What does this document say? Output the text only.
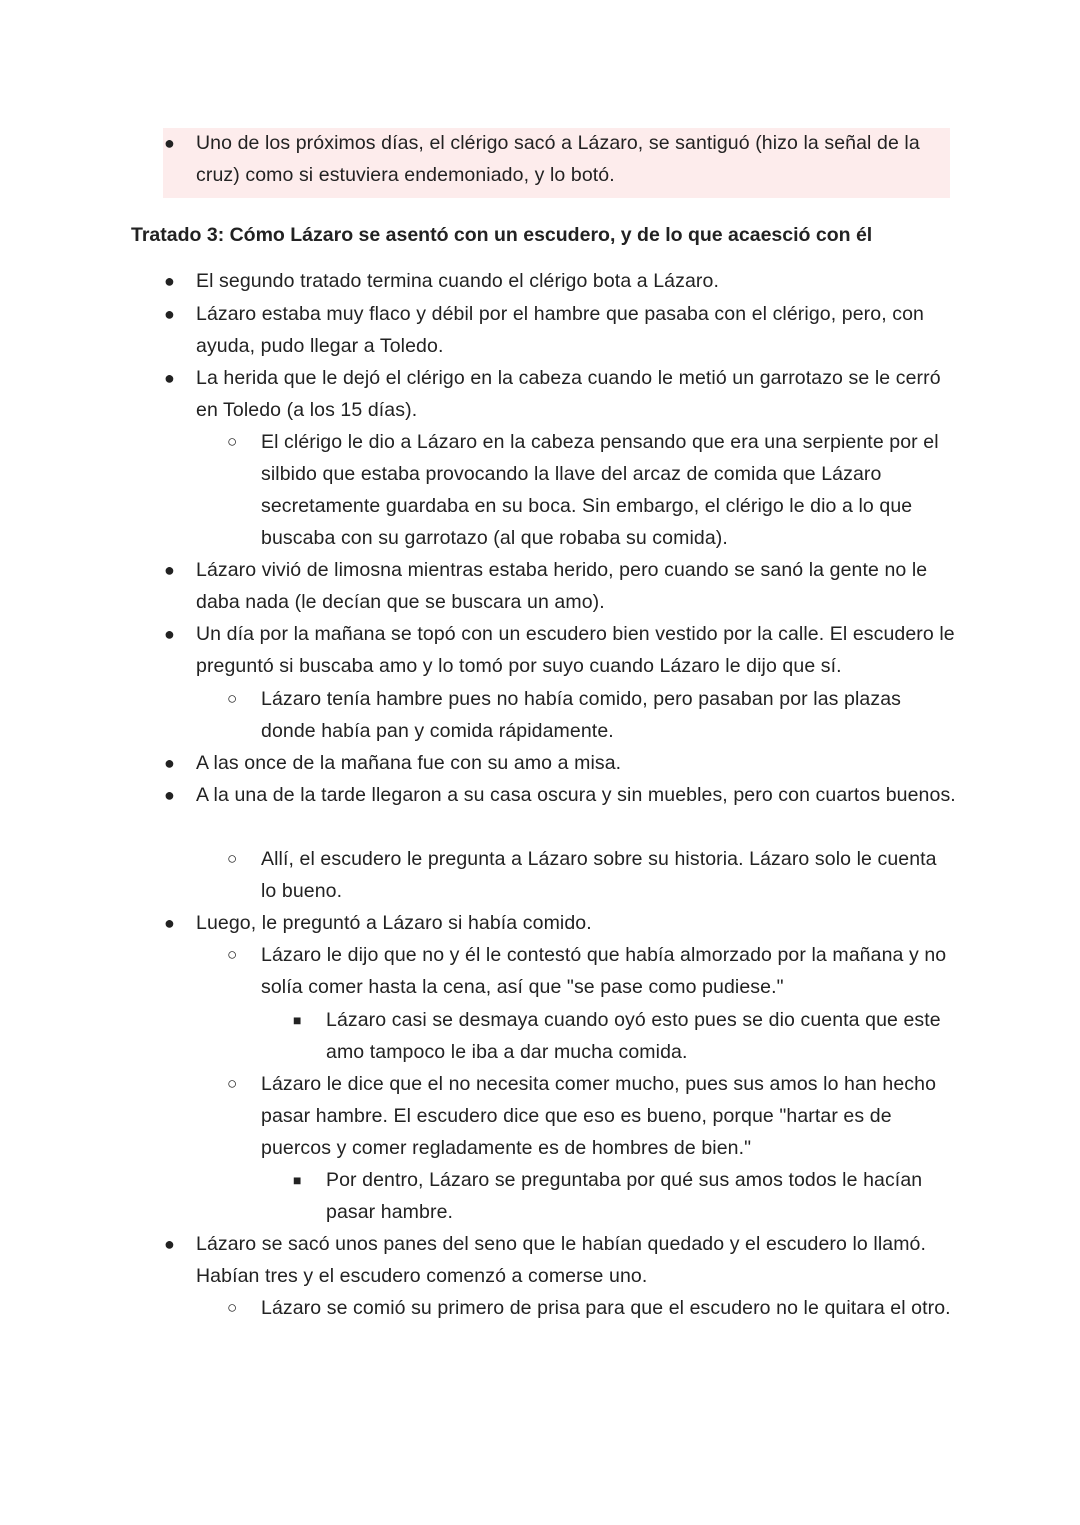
● Uno de los próximos días, el clérigo sacó a Lázaro, se santiguó (hizo la señal de la cruz) como si estuviera endemoniado, y lo botó.
Tratado 3: Cómo Lázaro se asentó con un escudero, y de lo que acaesció con él
● El segundo tratado termina cuando el clérigo bota a Lázaro.
● Lázaro estaba muy flaco y débil por el hambre que pasaba con el clérigo, pero, con ayuda, pudo llegar a Toledo.
● La herida que le dejó el clérigo en la cabeza cuando le metió un garrotazo se le cerró en Toledo (a los 15 días).
○ El clérigo le dio a Lázaro en la cabeza pensando que era una serpiente por el silbido que estaba provocando la llave del arcaz de comida que Lázaro secretamente guardaba en su boca. Sin embargo, el clérigo le dio a lo que buscaba con su garrotazo (al que robaba su comida).
● Lázaro vivió de limosna mientras estaba herido, pero cuando se sanó la gente no le daba nada (le decían que se buscara un amo).
● Un día por la mañana se topó con un escudero bien vestido por la calle. El escudero le preguntó si buscaba amo y lo tomó por suyo cuando Lázaro le dijo que sí.
○ Lázaro tenía hambre pues no había comido, pero pasaban por las plazas donde había pan y comida rápidamente.
● A las once de la mañana fue con su amo a misa.
● A la una de la tarde llegaron a su casa oscura y sin muebles, pero con cuartos buenos.
○ Allí, el escudero le pregunta a Lázaro sobre su historia. Lázaro solo le cuenta lo bueno.
● Luego, le preguntó a Lázaro si había comido.
○ Lázaro le dijo que no y él le contestó que había almorzado por la mañana y no solía comer hasta la cena, así que "se pase como pudiese."
■ Lázaro casi se desmaya cuando oyó esto pues se dio cuenta que este amo tampoco le iba a dar mucha comida.
○ Lázaro le dice que el no necesita comer mucho, pues sus amos lo han hecho pasar hambre. El escudero dice que eso es bueno, porque "hartar es de puercos y comer regladamente es de hombres de bien."
■ Por dentro, Lázaro se preguntaba por qué sus amos todos le hacían pasar hambre.
● Lázaro se sacó unos panes del seno que le habían quedado y el escudero lo llamó. Habían tres y el escudero comenzó a comerse uno.
○ Lázaro se comió su primero de prisa para que el escudero no le quitara el otro.
